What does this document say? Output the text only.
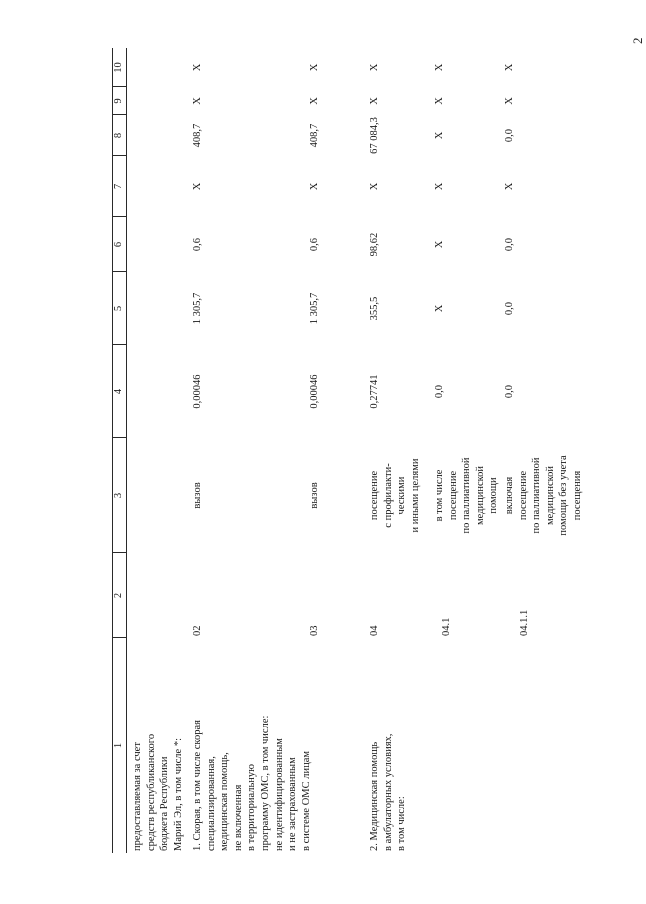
2
1
2
3
4
5
6
7
8
9
10
предоставляемая за счет средств республиканского бюджета Республики Марий Эл, в том числе *: 1. Скорая, в том числе скорая специализированная, медицинская помощь, не включенная в территориальную программу ОМС, в том числе: не идентифицированным и не застрахованным в системе ОМС лицам
02
вызов
0,00046
1 305,7
0,6
Х
408,7
Х
Х
03
вызов
0,00046
1 305,7
0,6
Х
408,7
Х
Х
2. Медицинская помощь в амбулаторных условиях, в том числе:
04
посещение с профилакти- ческими и иными целями
0,27741
355,5
98,62
Х
67 084,3
Х
Х
04.1
в том числе посещение по паллиативной медицинской помощи
0,0
Х
Х
Х
Х
Х
Х
04.1.1
включая посещение по паллиативной медицинской помощи без учета посещения
0,0
0,0
0,0
Х
0,0
Х
Х
